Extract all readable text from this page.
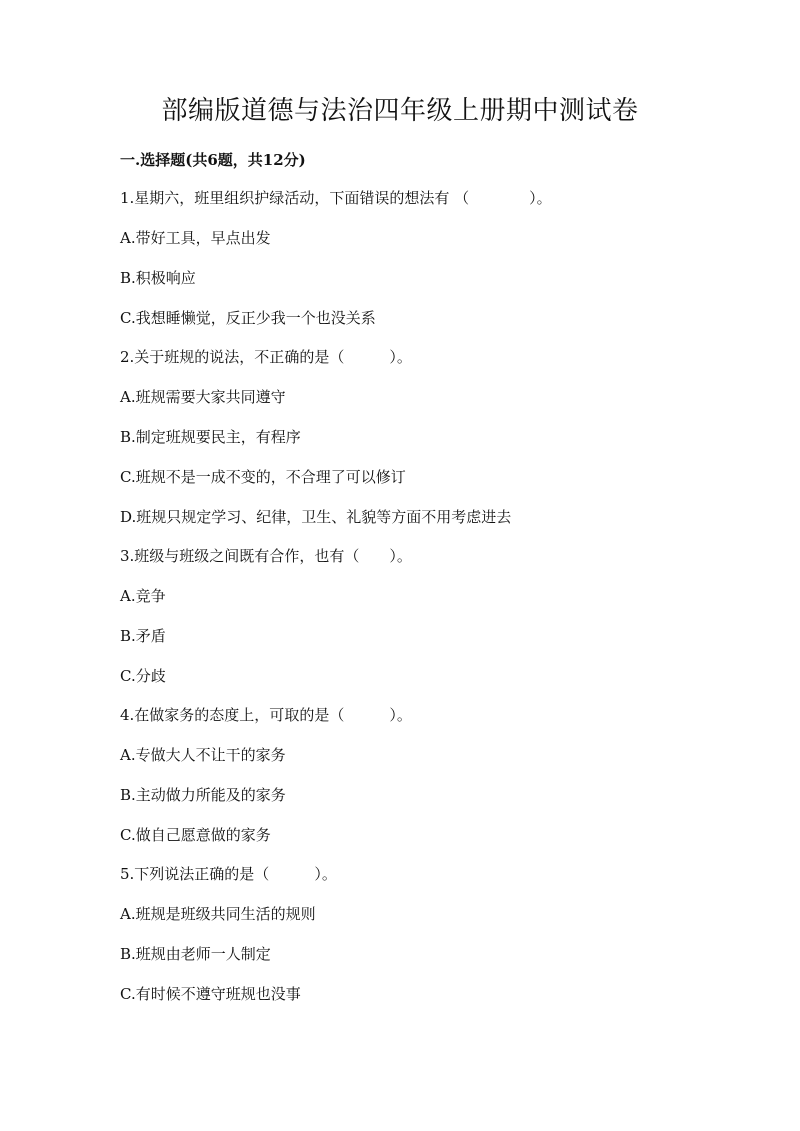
部编版道德与法治四年级上册期中测试卷
一.选择题(共6题，共12分)
1.星期六，班里组织护绿活动，下面错误的想法有 （　　　　）。
A.带好工具，早点出发
B.积极响应
C.我想睡懒觉，反正少我一个也没关系
2.关于班规的说法，不正确的是（　　　）。
A.班规需要大家共同遵守
B.制定班规要民主，有程序
C.班规不是一成不变的，不合理了可以修订
D.班规只规定学习、纪律，卫生、礼貌等方面不用考虑进去
3.班级与班级之间既有合作，也有（　　）。
A.竞争
B.矛盾
C.分歧
4.在做家务的态度上，可取的是（　　　）。
A.专做大人不让干的家务
B.主动做力所能及的家务
C.做自己愿意做的家务
5.下列说法正确的是（　　　）。
A.班规是班级共同生活的规则
B.班规由老师一人制定
C.有时候不遵守班规也没事
